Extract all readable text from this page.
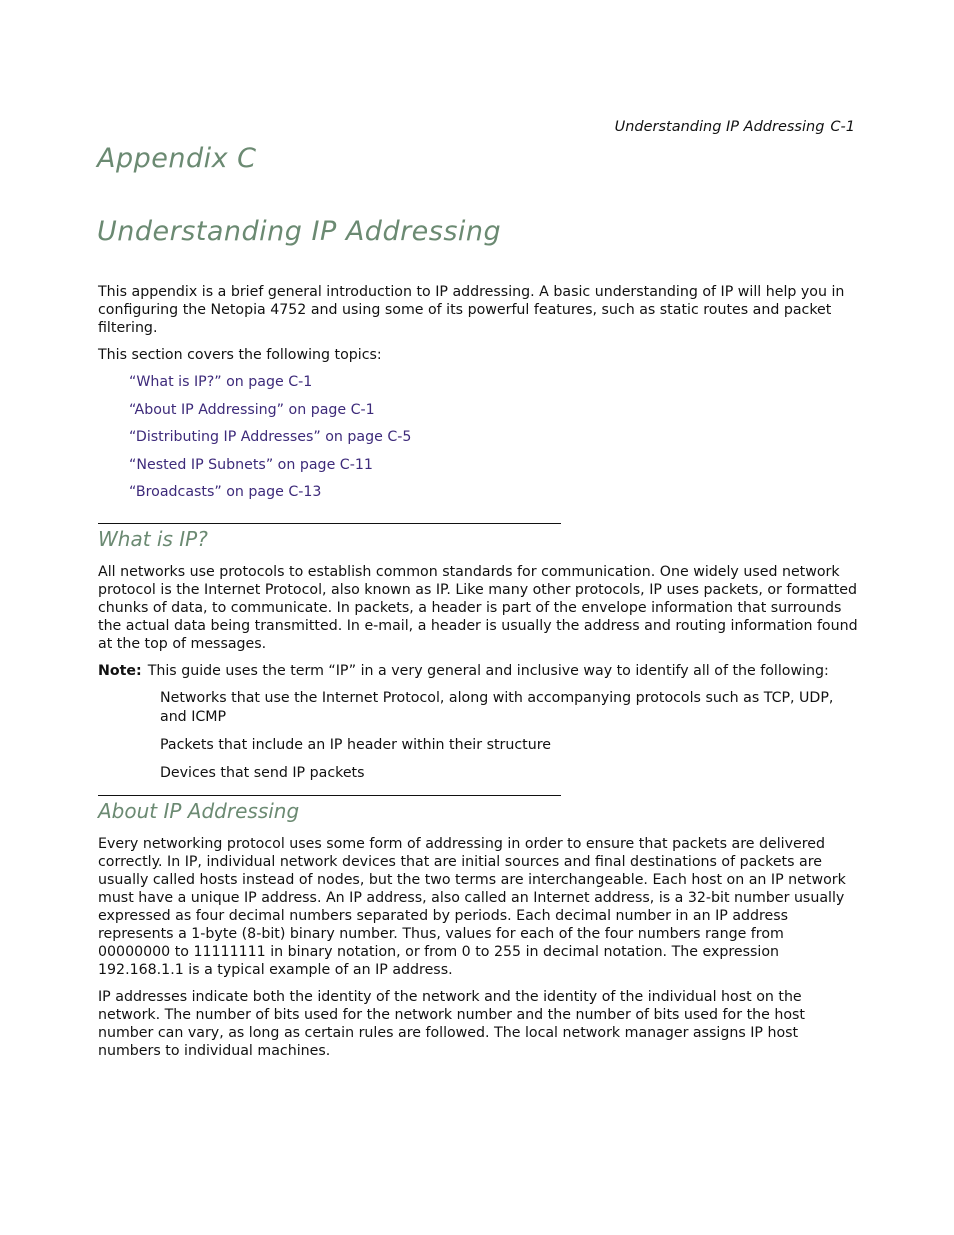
Understanding IP Addressing C-1
Appendix C
Understanding IP Addressing

This appendix is a brief general introduction to IP addressing. A basic understanding of IP will help you in configuring the Netopia 4752 and using some of its powerful features, such as static routes and packet filtering.

This section covers the following topics:

“What is IP?” on page C-1
“About IP Addressing” on page C-1
“Distributing IP Addresses” on page C-5
“Nested IP Subnets” on page C-11
“Broadcasts” on page C-13
What is IP?

All networks use protocols to establish common standards for communication. One widely used network protocol is the Internet Protocol, also known as IP. Like many other protocols, IP uses packets, or formatted chunks of data, to communicate. In packets, a header is part of the envelope information that surrounds the actual data being transmitted. In e-mail, a header is usually the address and routing information found at the top of messages.

Note: This guide uses the term “IP” in a very general and inclusive way to identify all of the following:

Networks that use the Internet Protocol, along with accompanying protocols such as TCP, UDP, and ICMP
Packets that include an IP header within their structure
Devices that send IP packets
About IP Addressing

Every networking protocol uses some form of addressing in order to ensure that packets are delivered correctly. In IP, individual network devices that are initial sources and final destinations of packets are usually called hosts instead of nodes, but the two terms are interchangeable. Each host on an IP network must have a unique IP address. An IP address, also called an Internet address, is a 32-bit number usually expressed as four decimal numbers separated by periods. Each decimal number in an IP address represents a 1-byte (8-bit) binary number. Thus, values for each of the four numbers range from 00000000 to 11111111 in binary notation, or from 0 to 255 in decimal notation. The expression 192.168.1.1 is a typical example of an IP address.

IP addresses indicate both the identity of the network and the identity of the individual host on the network. The number of bits used for the network number and the number of bits used for the host number can vary, as long as certain rules are followed. The local network manager assigns IP host numbers to individual machines.
